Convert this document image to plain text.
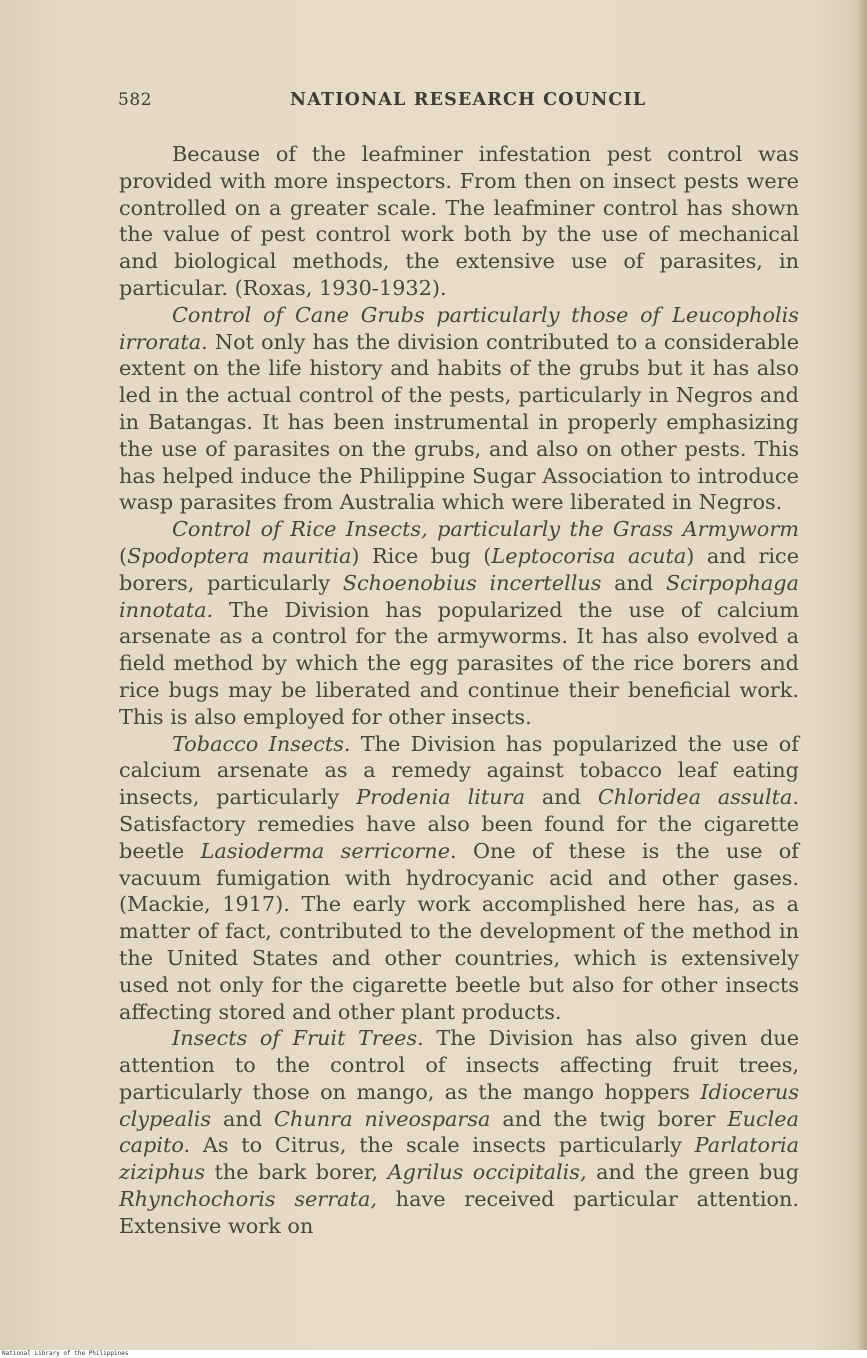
582	NATIONAL RESEARCH COUNCIL

Because of the leafminer infestation pest control was provided with more inspectors. From then on insect pests were controlled on a greater scale. The leafminer control has shown the value of pest control work both by the use of mechanical and biological methods, the extensive use of parasites, in particular. (Roxas, 1930-1932).

Control of Cane Grubs particularly those of Leucopholis irrorata. Not only has the division contributed to a considerable extent on the life history and habits of the grubs but it has also led in the actual control of the pests, particularly in Negros and in Batangas. It has been instrumental in properly emphasizing the use of parasites on the grubs, and also on other pests. This has helped induce the Philippine Sugar Association to introduce wasp parasites from Australia which were liberated in Negros.

Control of Rice Insects, particularly the Grass Armyworm (Spodoptera mauritia) Rice bug (Leptocorisa acuta) and rice borers, particularly Schoenobius incertellus and Scirpophaga innotata. The Division has popularized the use of calcium arsenate as a control for the armyworms. It has also evolved a field method by which the egg parasites of the rice borers and rice bugs may be liberated and continue their beneficial work. This is also employed for other insects.

Tobacco Insects. The Division has popularized the use of calcium arsenate as a remedy against tobacco leaf eating insects, particularly Prodenia litura and Chloridea assulta. Satisfactory remedies have also been found for the cigarette beetle Lasioderma serricorne. One of these is the use of vacuum fumigation with hydrocyanic acid and other gases. (Mackie, 1917). The early work accomplished here has, as a matter of fact, contributed to the development of the method in the United States and other countries, which is extensively used not only for the cigarette beetle but also for other insects affecting stored and other plant products.

Insects of Fruit Trees. The Division has also given due attention to the control of insects affecting fruit trees, particularly those on mango, as the mango hoppers Idiocerus clypealis and Chunra niveosparsa and the twig borer Euclea capito. As to Citrus, the scale insects particularly Parlatoria ziziphus the bark borer, Agrilus occipitalis, and the green bug Rhynchochoris serrata, have received particular attention. Extensive work on

National Library of the Philippines
